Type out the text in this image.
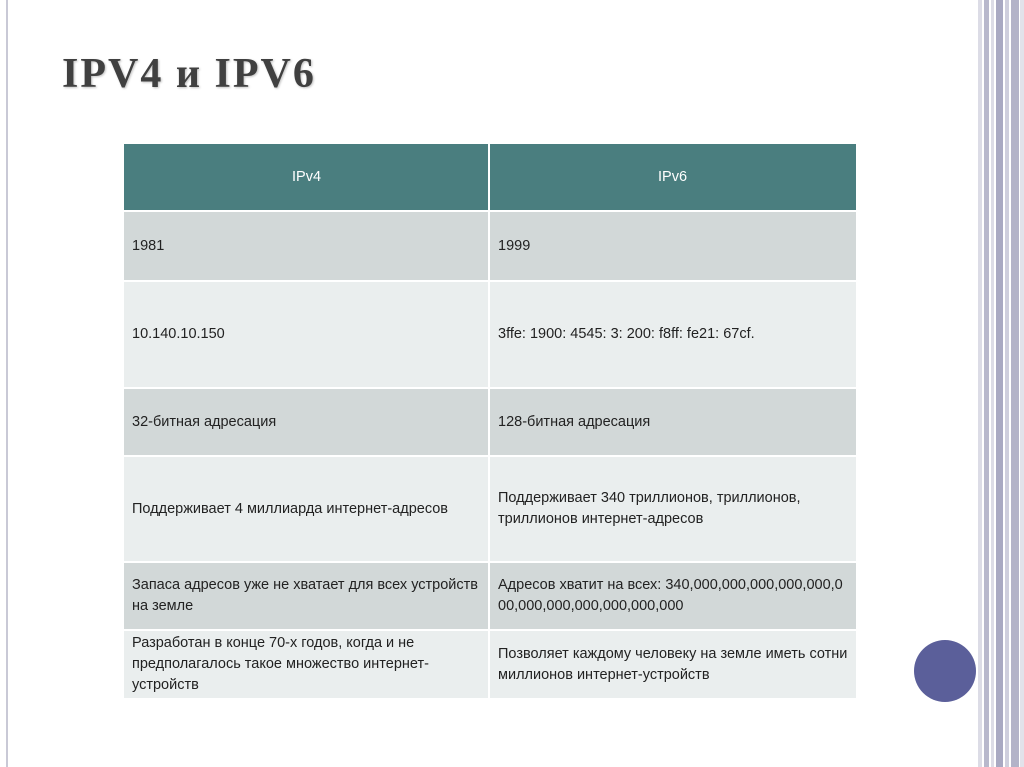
IPV4 и IPV6
IPv4	IPv6
1981	1999
10.140.10.150	3ffe: 1900: 4545: 3: 200: f8ff: fe21: 67cf.
32-битная адресация	128-битная адресация
Поддерживает 4 миллиарда интернет-адресов	Поддерживает 340 триллионов, триллионов, триллионов интернет-адресов
Запаса адресов уже не хватает для всех устройств на земле	Адресов хватит на всех: 340,000,000,000,000,000,000,000,000,000,000,000,000
Разработан в конце 70-х годов, когда и не предполагалось такое множество интернет-устройств	Позволяет каждому человеку на земле иметь сотни миллионов интернет-устройств
